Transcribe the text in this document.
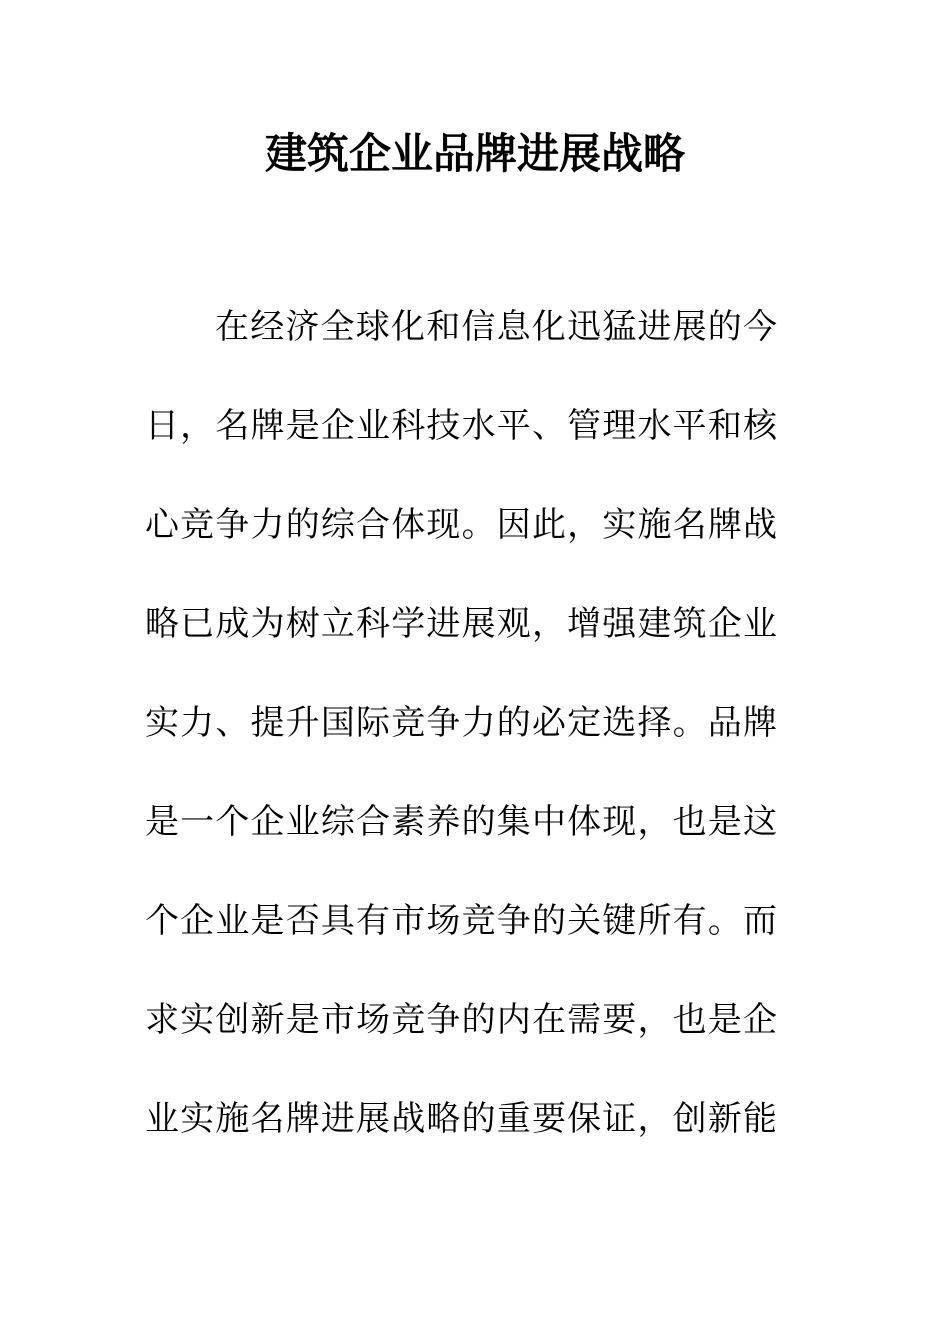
建筑企业品牌进展战略
在经济全球化和信息化迅猛进展的今
日，名牌是企业科技水平、管理水平和核
心竞争力的综合体现。因此，实施名牌战
略已成为树立科学进展观，增强建筑企业
实力、提升国际竞争力的必定选择。品牌
是一个企业综合素养的集中体现，也是这
个企业是否具有市场竞争的关键所有。而
求实创新是市场竞争的内在需要，也是企
业实施名牌进展战略的重要保证，创新能
